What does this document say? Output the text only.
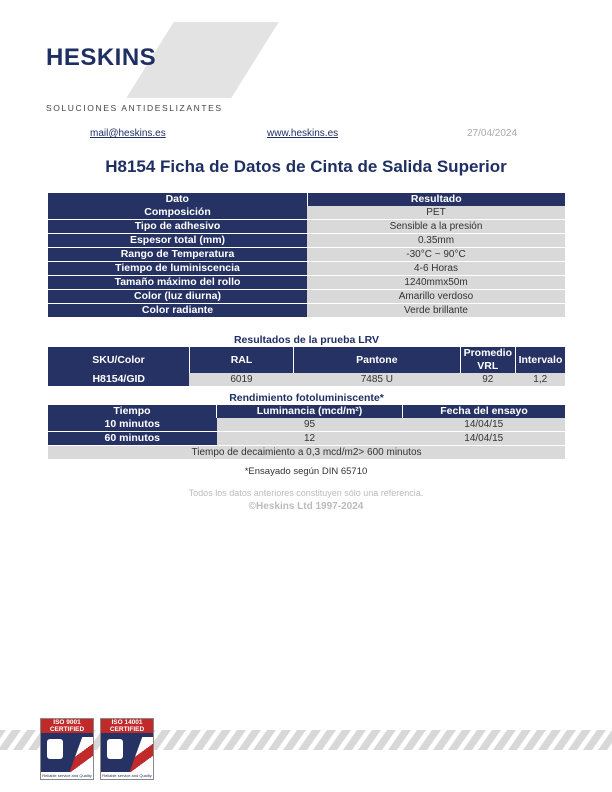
HESKINS
SOLUCIONES ANTIDESLIZANTES
mail@heskins.es	www.heskins.es	27/04/2024
H8154 Ficha de Datos de Cinta de Salida Superior
Dato	Resultado
Composición	PET
Tipo de adhesivo	Sensible a la presión
Espesor total (mm)	0.35mm
Rango de Temperatura	-30°C ~ 90°C
Tiempo de luminiscencia	4-6 Horas
Tamaño máximo del rollo	1240mmx50m
Color (luz diurna)	Amarillo verdoso
Color radiante	Verde brillante
Resultados de la prueba LRV
SKU/Color	RAL	Pantone	Promedio VRL	Intervalo
H8154/GID	6019	7485 U	92	1,2
Rendimiento fotoluminiscente*
Tiempo	Luminancia (mcd/m²)	Fecha del ensayo
10 minutos	95	14/04/15
60 minutos	12	14/04/15
Tiempo de decaimiento a 0,3 mcd/m2> 600 minutos		
*Ensayado según DIN 65710
Todos los datos anteriores constituyen sólo una referencia.
©Heskins Ltd 1997-2024
ISO 9001 CERTIFIED
Reliable service and Quality
ISO 14001 CERTIFIED
Reliable service and Quality
